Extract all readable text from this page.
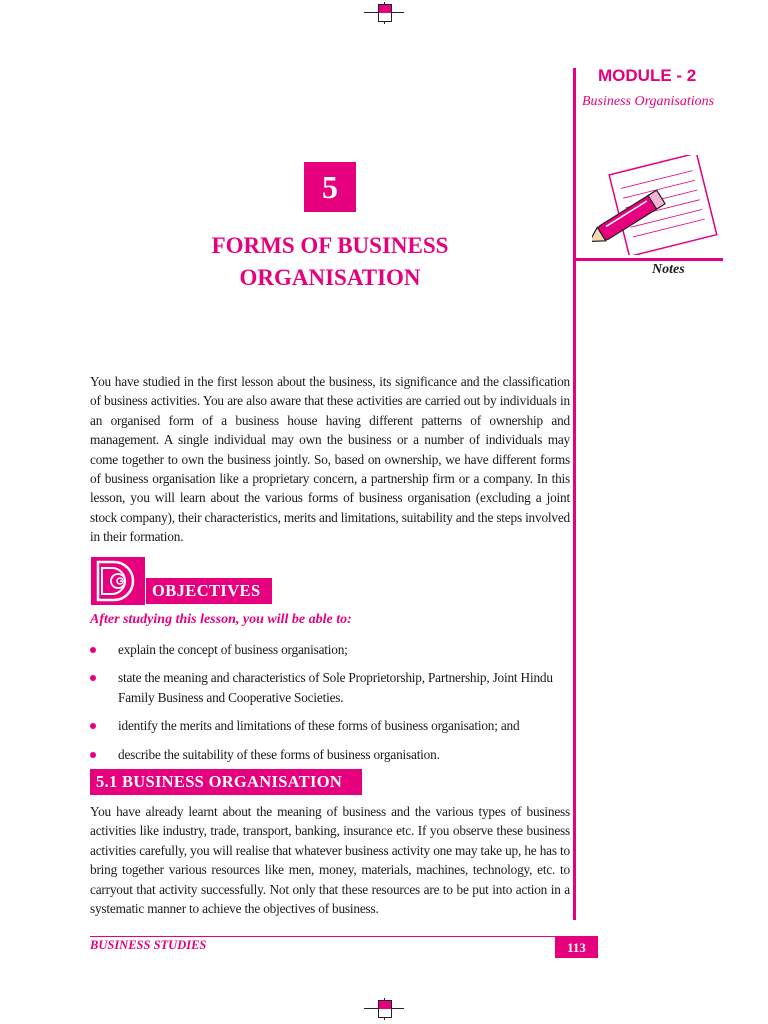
MODULE - 2
Business Organisations
Notes
5
FORMS OF BUSINESS
ORGANISATION
You have studied in the first lesson about the business, its significance and the classification of business activities. You are also aware that these activities are carried out by individuals in an organised form of a business house having different patterns of ownership and management. A single individual may own the business or a number of individuals may come together to own the business jointly. So, based on ownership, we have different forms of business organisation like a proprietary concern, a partnership firm or a company. In this lesson, you will learn about the various forms of business organisation (excluding a joint stock company), their characteristics, merits and limitations, suitability and the steps involved in their formation.
OBJECTIVES
After studying this lesson, you will be able to:
explain the concept of business organisation;
state the meaning and characteristics of Sole Proprietorship, Partnership, Joint Hindu Family Business and Cooperative Societies.
identify the merits and limitations of these forms of business organisation; and
describe the suitability of these forms of business organisation.
5.1 BUSINESS ORGANISATION
You have already learnt about the meaning of business and the various types of business activities like industry, trade, transport, banking, insurance etc. If you observe these business activities carefully, you will realise that whatever business activity one may take up, he has to bring together various resources like men, money, materials, machines, technology, etc. to carryout that activity successfully. Not only that these resources are to be put into action in a systematic manner to achieve the objectives of business.
BUSINESS STUDIES	113
